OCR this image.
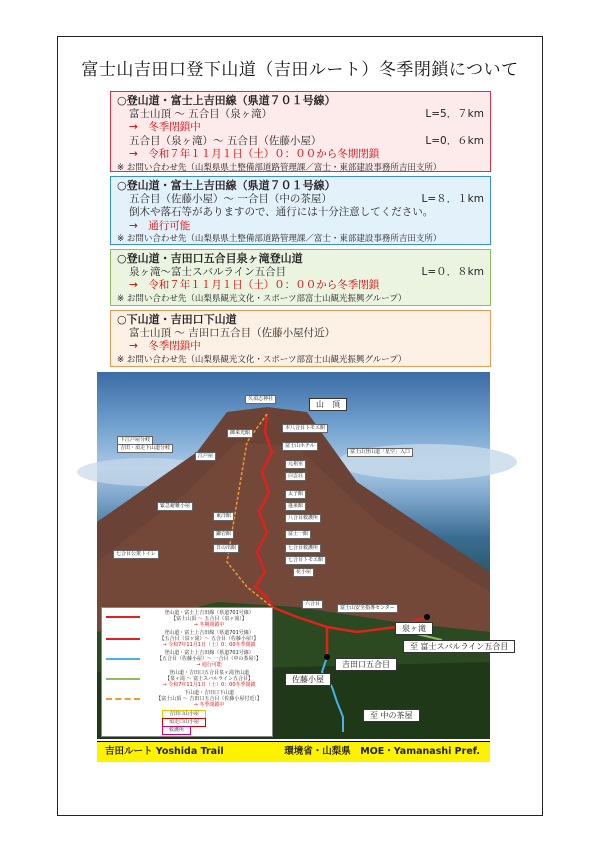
富士山吉田口登下山道（吉田ルート）冬季閉鎖について
○登山道・富士上吉田線（県道７０１号線）
富士山頂 ～ 五合目（泉ヶ滝）	L=5．７km
→　冬季閉鎖中
五合目（泉ヶ滝）～ 五合目（佐藤小屋）	L=0．６km
→　令和７年１１月１日（土）０：００から冬期閉鎖
※ お問い合わせ先（山梨県県土整備部道路管理課／富士・東部建設事務所吉田支所）
○登山道・富士上吉田線（県道７０１号線）
五合目（佐藤小屋）～ 一合目（中の茶屋）	L=８．１km
倒木や落石等がありますので、通行には十分注意してください。
→　通行可能
※ お問い合わせ先（山梨県県土整備部道路管理課／富士・東部建設事務所吉田支所）
○登山道・吉田口五合目泉ヶ滝登山道
泉ヶ滝～富士スバルライン五合目	L=０．８km
→　令和７年１１月１日（土）０：００から冬季閉鎖
※ お問い合わせ先（山梨県観光文化・スポーツ部富士山観光振興グループ）
○下山道・吉田口下山道
富士山頂 ～ 吉田口五合目（佐藤小屋付近）
→　冬季閉鎖中
※ お問い合わせ先（山梨県観光文化・スポーツ部富士山観光振興グループ）
山　頂
久須志神社
泉ヶ滝
至 富士スバルライン五合目
吉田口五合目
佐藤小屋
至 中の茶屋
御来光館
本八合目トモエ館
富士山ホテル
江戸屋
元祖室
白雲荘
太子館
蓬莱館
八合目救護所
東洋館
鎌岩館	富士一館
日の出館	七合目救護所
七合目トモエ館
花小屋
緊急避難小屋
七合目公衆トイレ
下江戸屋分岐
吉田・須走下山道分岐
六合目
富士山安全指導センター
富士山登山道「星空」入口
登山道・富士上吉田線（県道701号線）
【富士山頂 ～ 五合目（泉ヶ滝）】
→ 冬期閉鎖中
登山道・富士上吉田線（県道701号線）
【五合目（泉ヶ滝）～ 五合目（佐藤小屋）】
→ 令和7年11月1日（土）0：00冬季閉鎖
登山道・富士上吉田線（県道701号線）
【五合目（佐藤小屋）～ 一合目（中の茶屋）】
→ 通行可能
登山道・吉田口五合目泉ヶ滝登山道
【泉ヶ滝 ～ 富士スバルライン五合目】
→ 令和7年11月1日（土）0：00冬季閉鎖
下山道・吉田口下山道
【富士山頂 ～ 吉田口五合目（佐藤小屋付近）】
→ 冬季閉鎖中
吉田口山小屋
須走口山小屋
救護所
吉田ルート Yoshida Trail	環境省・山梨県　MOE・Yamanashi Pref.
